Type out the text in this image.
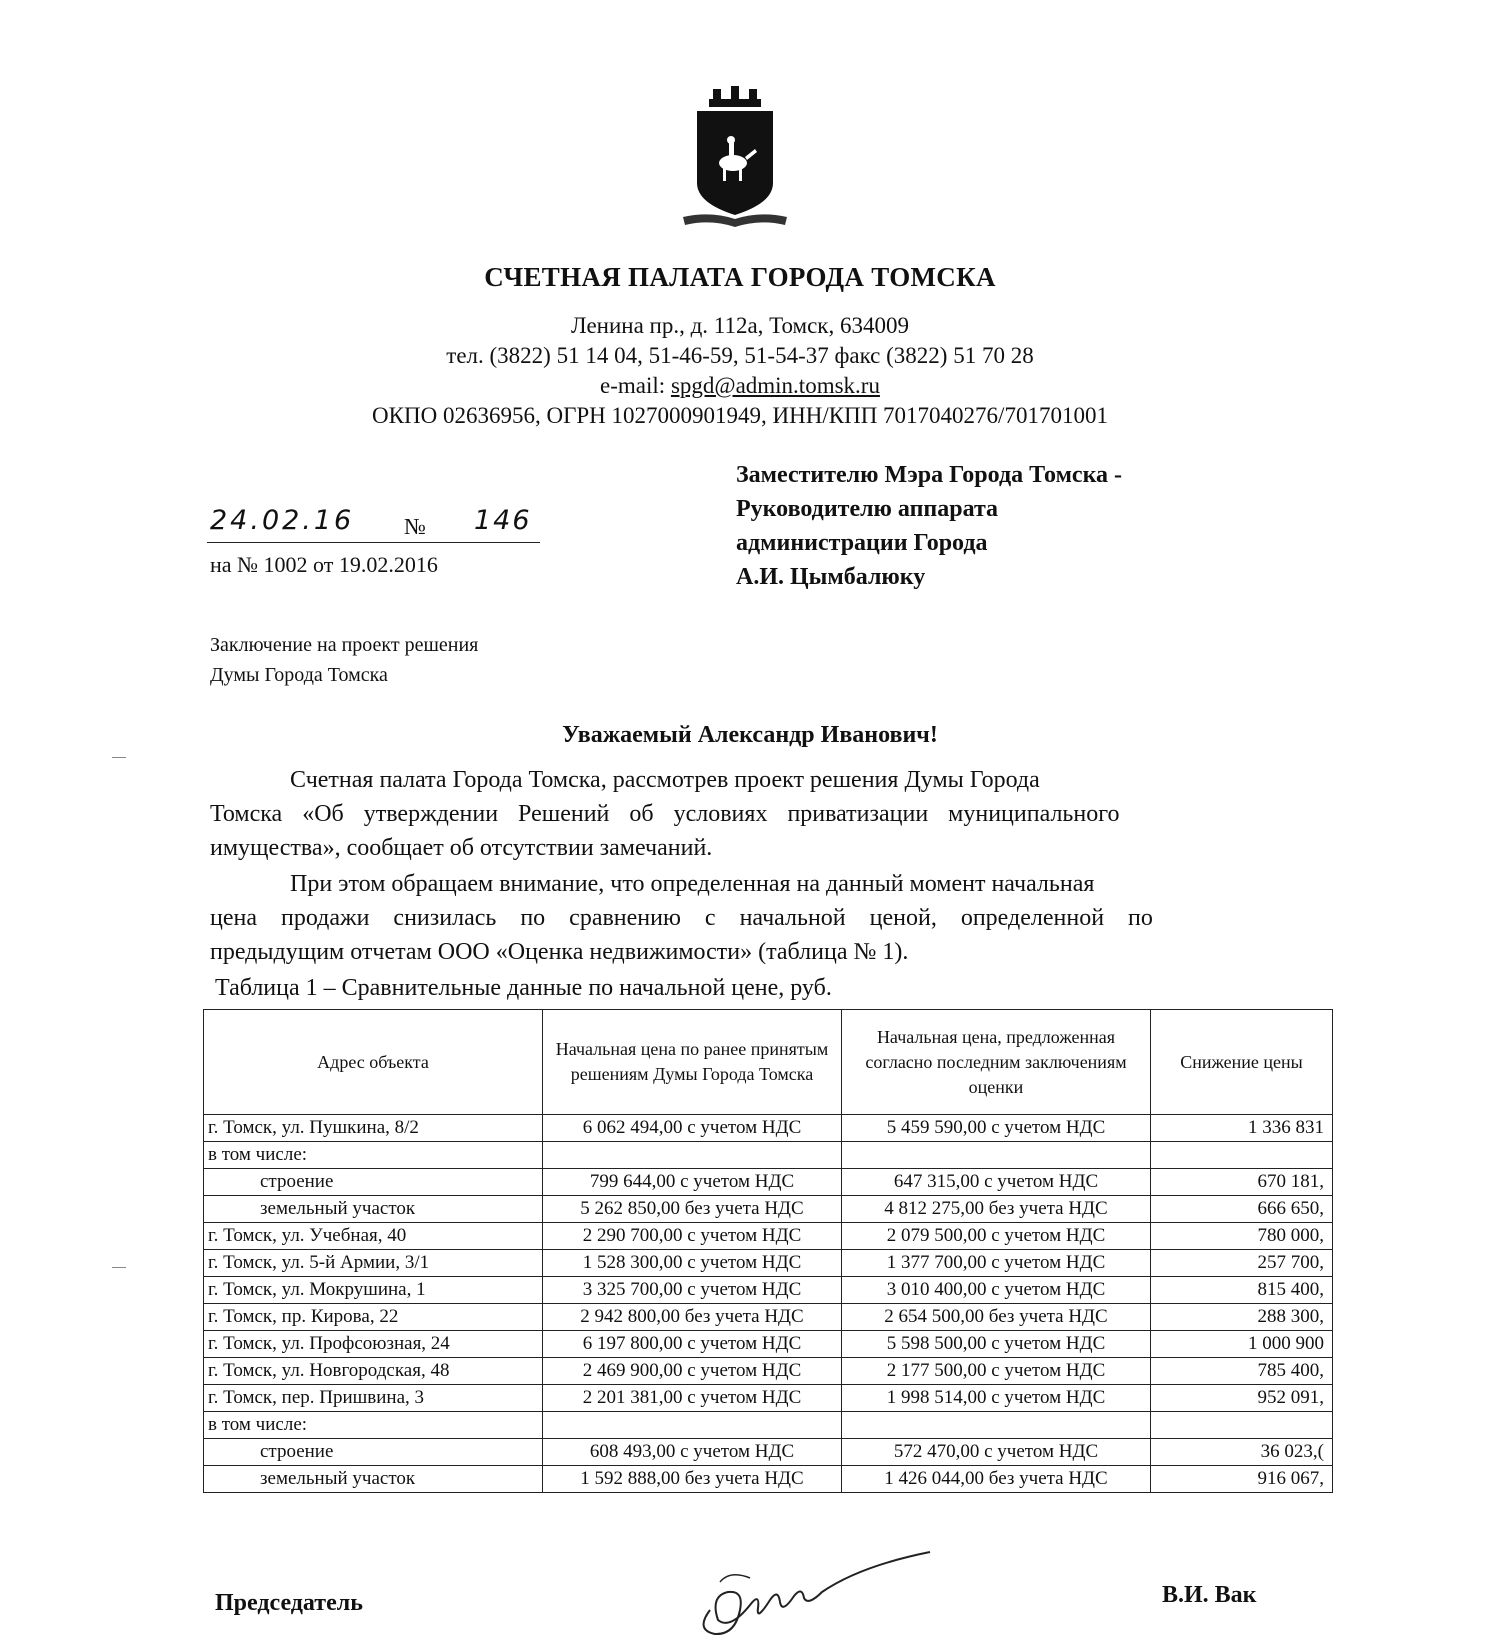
СЧЕТНАЯ ПАЛАТА ГОРОДА ТОМСКА
Ленина пр., д. 112а, Томск, 634009
тел. (3822) 51 14 04, 51-46-59, 51-54-37 факс (3822) 51 70 28
e-mail: spgd@admin.tomsk.ru
ОКПО 02636956, ОГРН 1027000901949, ИНН/КПП 7017040276/701701001
Заместителю Мэра Города Томска -
Руководителю аппарата
администрации Города
А.И. Цымбалюку
24.02.16 № 146
на № 1002 от 19.02.2016
Заключение на проект решения
Думы Города Томска
Уважаемый Александр Иванович!
Счетная палата Города Томска, рассмотрев проект решения Думы Города
Томска «Об утверждении Решений об условиях приватизации муниципального
имущества», сообщает об отсутствии замечаний.
При этом обращаем внимание, что определенная на данный момент начальная
цена продажи снизилась по сравнению с начальной ценой, определенной по
предыдущим отчетам ООО «Оценка недвижимости» (таблица № 1).
Таблица 1 – Сравнительные данные по начальной цене, руб.
Адрес объекта	Начальная цена по ранее принятым решениям Думы Города Томска	Начальная цена, предложенная согласно последним заключениям оценки	Снижение цены
г. Томск, ул. Пушкина, 8/2	6 062 494,00 с учетом НДС	5 459 590,00 с учетом НДС	1 336 831
в том числе:			
строение	799 644,00 с учетом НДС	647 315,00 с учетом НДС	670 181,
земельный участок	5 262 850,00 без учета НДС	4 812 275,00 без учета НДС	666 650,
г. Томск, ул. Учебная, 40	2 290 700,00 с учетом НДС	2 079 500,00 с учетом НДС	780 000,
г. Томск, ул. 5-й Армии, 3/1	1 528 300,00 с учетом НДС	1 377 700,00 с учетом НДС	257 700,
г. Томск, ул. Мокрушина, 1	3 325 700,00 с учетом НДС	3 010 400,00 с учетом НДС	815 400,
г. Томск, пр. Кирова, 22	2 942 800,00 без учета НДС	2 654 500,00 без учета НДС	288 300,
г. Томск, ул. Профсоюзная, 24	6 197 800,00 с учетом НДС	5 598 500,00 с учетом НДС	1 000 900
г. Томск, ул. Новгородская, 48	2 469 900,00 с учетом НДС	2 177 500,00 с учетом НДС	785 400,
г. Томск, пер. Пришвина, 3	2 201 381,00 с учетом НДС	1 998 514,00 с учетом НДС	952 091,
в том числе:			
строение	608 493,00 с учетом НДС	572 470,00 с учетом НДС	36 023,(
земельный участок	1 592 888,00 без учета НДС	1 426 044,00 без учета НДС	916 067,
Председатель	В.И. Вак
